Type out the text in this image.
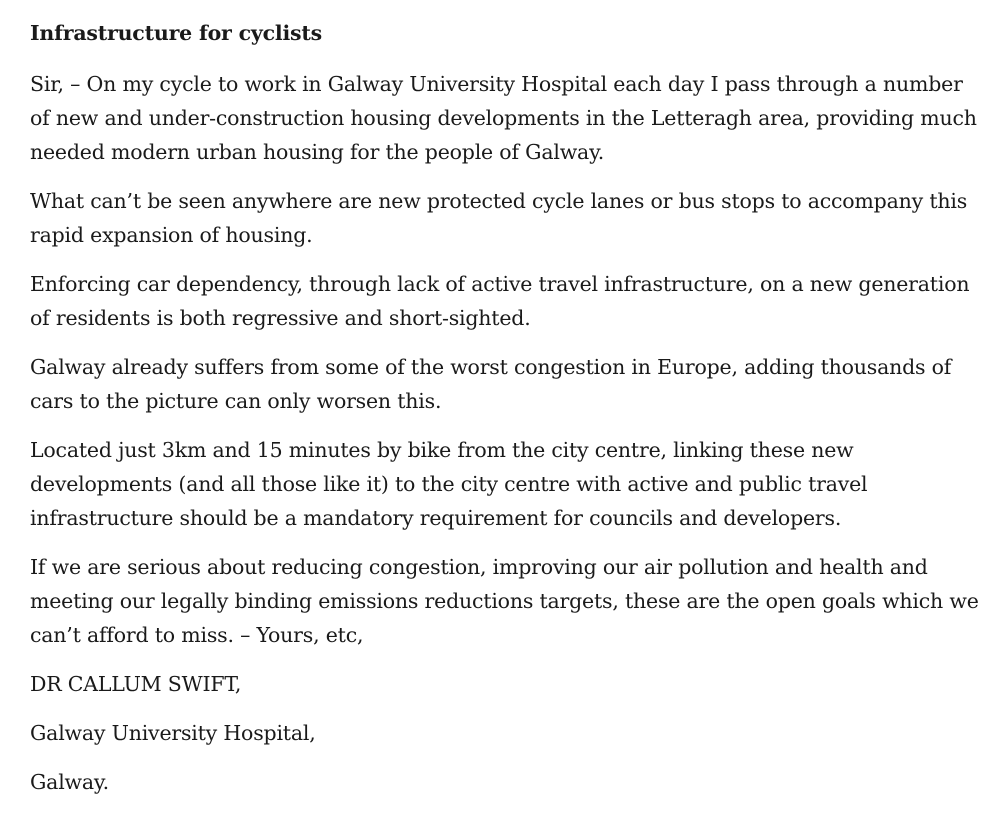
Infrastructure for cyclists

Sir, – On my cycle to work in Galway University Hospital each day I pass through a number of new and under-construction housing developments in the Letteragh area, providing much needed modern urban housing for the people of Galway.

What can’t be seen anywhere are new protected cycle lanes or bus stops to accompany this rapid expansion of housing.

Enforcing car dependency, through lack of active travel infrastructure, on a new generation of residents is both regressive and short-sighted.

Galway already suffers from some of the worst congestion in Europe, adding thousands of cars to the picture can only worsen this.

Located just 3km and 15 minutes by bike from the city centre, linking these new developments (and all those like it) to the city centre with active and public travel infrastructure should be a mandatory requirement for councils and developers.

If we are serious about reducing congestion, improving our air pollution and health and meeting our legally binding emissions reductions targets, these are the open goals which we can’t afford to miss. – Yours, etc,

DR CALLUM SWIFT,

Galway University Hospital,

Galway.
